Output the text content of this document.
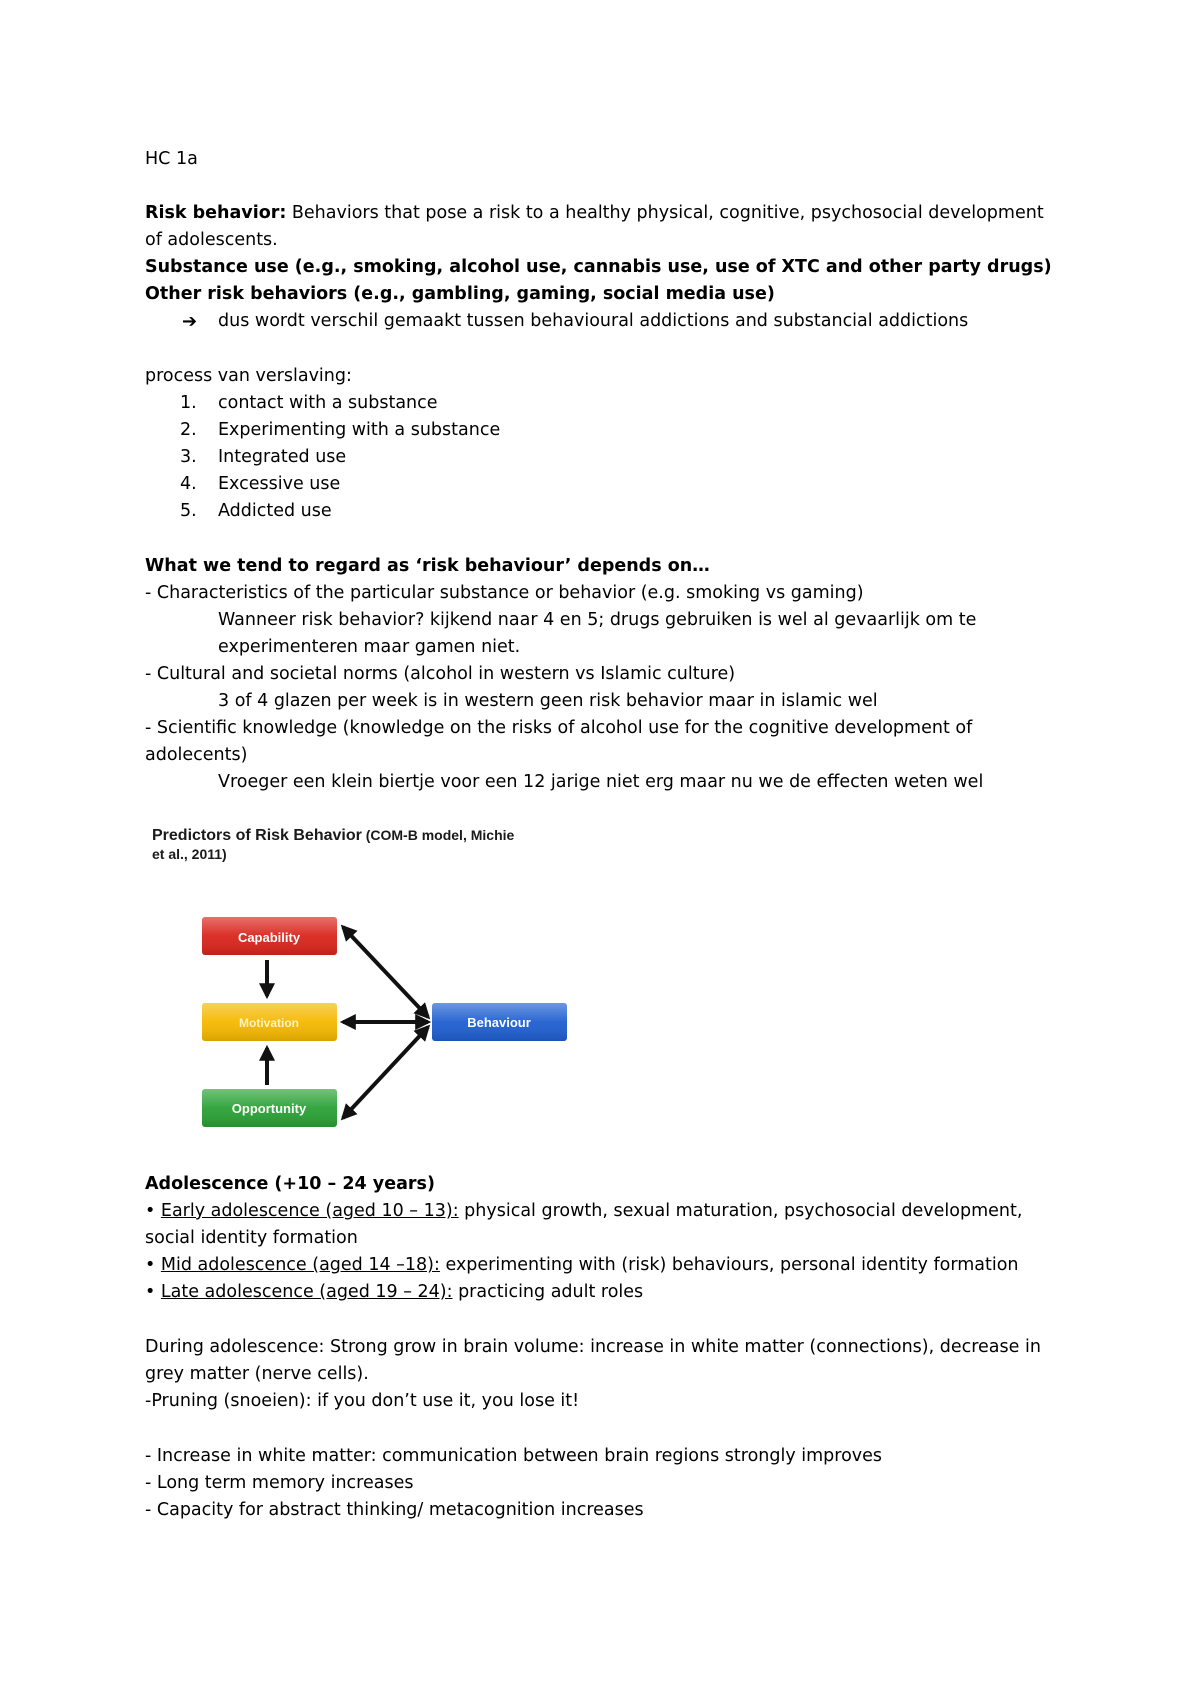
HC 1a
Risk behavior: Behaviors that pose a risk to a healthy physical, cognitive, psychosocial development
of adolescents.
Substance use (e.g., smoking, alcohol use, cannabis use, use of XTC and other party drugs)
Other risk behaviors (e.g., gambling, gaming, social media use)
➔ dus wordt verschil gemaakt tussen behavioural addictions and substancial addictions
process van verslaving:
1. contact with a substance
2. Experimenting with a substance
3. Integrated use
4. Excessive use
5. Addicted use
What we tend to regard as ‘risk behaviour’ depends on…
- Characteristics of the particular substance or behavior (e.g. smoking vs gaming)
Wanneer risk behavior? kijkend naar 4 en 5; drugs gebruiken is wel al gevaarlijk om te
experimenteren maar gamen niet.
- Cultural and societal norms (alcohol in western vs Islamic culture)
3 of 4 glazen per week is in western geen risk behavior maar in islamic wel
- Scientific knowledge (knowledge on the risks of alcohol use for the cognitive development of
adolecents)
Vroeger een klein biertje voor een 12 jarige niet erg maar nu we de effecten weten wel
Predictors of Risk Behavior (COM-B model, Michie
et al., 2011)
Capability
Motivation
Opportunity
Behaviour
Adolescence (+10 – 24 years)
• Early adolescence (aged 10 – 13): physical growth, sexual maturation, psychosocial development,
social identity formation
• Mid adolescence (aged 14 –18): experimenting with (risk) behaviours, personal identity formation
• Late adolescence (aged 19 – 24): practicing adult roles
During adolescence: Strong grow in brain volume: increase in white matter (connections), decrease in
grey matter (nerve cells).
-Pruning (snoeien): if you don’t use it, you lose it!
- Increase in white matter: communication between brain regions strongly improves
- Long term memory increases
- Capacity for abstract thinking/ metacognition increases
